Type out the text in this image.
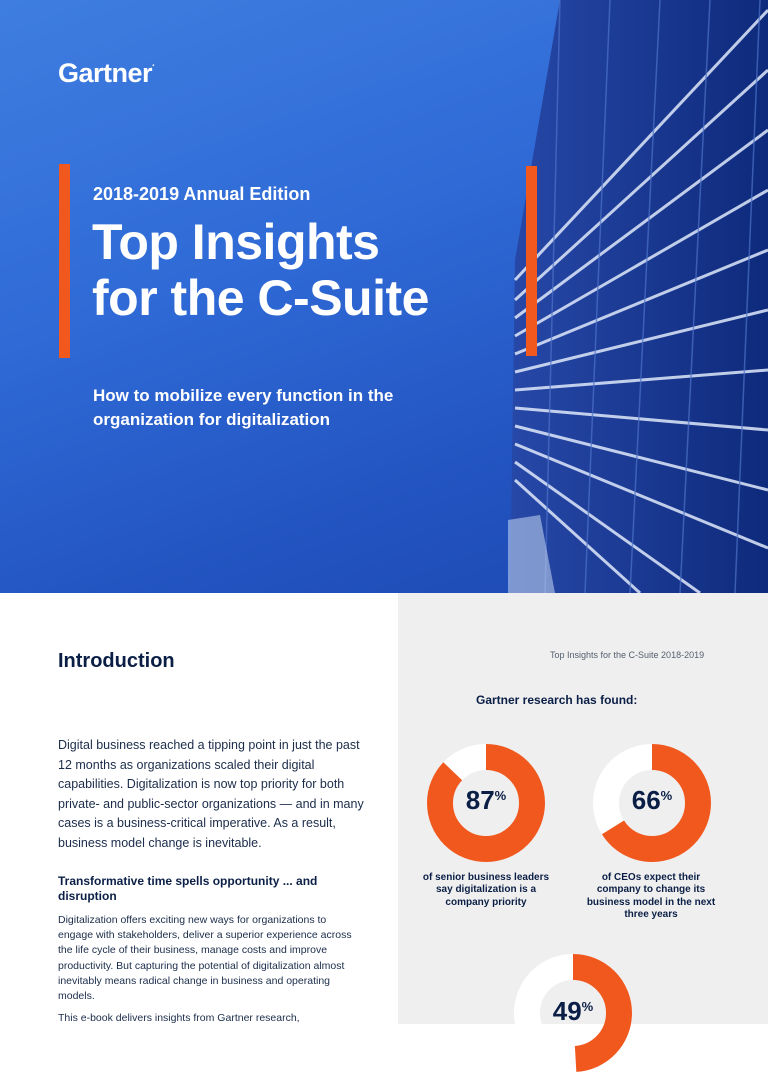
Gartner.
2018-2019 Annual Edition
Top Insights
for the C-Suite
How to mobilize every function in the organization for digitalization
Introduction
Digital business reached a tipping point in just the past 12 months as organizations scaled their digital capabilities. Digitalization is now top priority for both private- and public-sector organizations — and in many cases is a business-critical imperative. As a result, business model change is inevitable.
Transformative time spells opportunity ... and disruption
Digitalization offers exciting new ways for organizations to engage with stakeholders, deliver a superior experience across the life cycle of their business, manage costs and improve productivity. But capturing the potential of digitalization almost inevitably means radical change in business and operating models.
This e-book delivers insights from Gartner research,
Top Insights for the C-Suite 2018-2019
Gartner research has found:
87%
of senior business leaders say digitalization is a company priority
66%
of CEOs expect their company to change its business model in the next three years
49%
